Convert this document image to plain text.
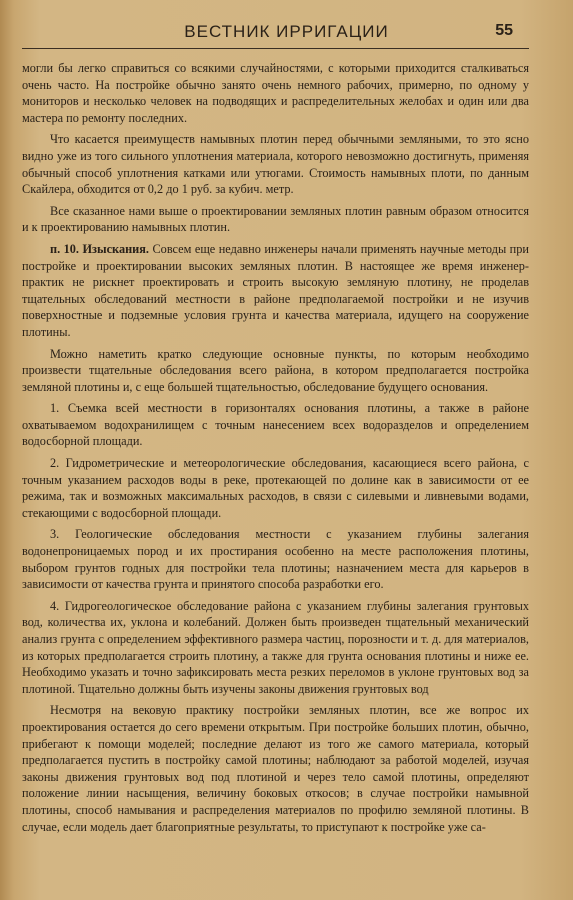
ВЕСТНИК ИРРИГАЦИИ	55

могли бы легко справиться со всякими случайностями, с которыми приходится сталкиваться очень часто. На постройке обычно занято очень немного рабочих, примерно, по одному у мониторов и несколько человек на подводящих и распределительных желобах и один или два мастера по ремонту последних.

Что касается преимуществ намывных плотин перед обычными земляными, то это ясно видно уже из того сильного уплотнения материала, которого невозможно достигнуть, применяя обычный способ уплотнения катками или утюгами. Стоимость намывных плоти, по данным Скайлера, обходится от 0,2 до 1 руб. за кубич. метр.

Все сказанное нами выше о проектировании земляных плотин равным образом относится и к проектированию намывных плотин.

п. 10. Изыскания. Совсем еще недавно инженеры начали применять научные методы при постройке и проектировании высоких земляных плотин. В настоящее же время инженер-практик не рискнет проектировать и строить высокую земляную плотину, не проделав тщательных обследований местности в районе предполагаемой постройки и не изучив поверхностные и подземные условия грунта и качества материала, идущего на сооружение плотины.

Можно наметить кратко следующие основные пункты, по которым необходимо произвести тщательные обследования всего района, в котором предполагается постройка земляной плотины и, с еще большей тщательностью, обследование будущего основания.

1. Съемка всей местности в горизонталях основания плотины, а также в районе охватываемом водохранилищем с точным нанесением всех водоразделов и определением водосборной площади.

2. Гидрометрические и метеорологические обследования, касающиеся всего района, с точным указанием расходов воды в реке, протекающей по долине как в зависимости от ее режима, так и возможных максимальных расходов, в связи с силевыми и ливневыми водами, стекающими с водосборной площади.

3. Геологические обследования местности с указанием глубины залегания водонепроницаемых пород и их простирания особенно на месте расположения плотины, выбором грунтов годных для постройки тела плотины; назначением места для карьеров в зависимости от качества грунта и принятого способа разработки его.

4. Гидрогеологическое обследование района с указанием глубины залегания грунтовых вод, количества их, уклона и колебаний. Должен быть произведен тщательный механический анализ грунта с определением эффективного размера частиц, порозности и т. д. для материалов, из которых предполагается строить плотину, а также для грунта основания плотины и ниже ее. Необходимо указать и точно зафиксировать места резких переломов в уклоне грунтовых вод за плотиной. Тщательно должны быть изучены законы движения грунтовых вод

Несмотря на вековую практику постройки земляных плотин, все же вопрос их проектирования остается до сего времени открытым. При постройке больших плотин, обычно, прибегают к помощи моделей; последние делают из того же самого материала, который предполагается пустить в постройку самой плотины; наблюдают за работой моделей, изучая законы движения грунтовых вод под плотиной и через тело самой плотины, определяют положение линии насыщения, величину боковых откосов; в случае постройки намывной плотины, способ намывания и распределения материалов по профилю земляной плотины. В случае, если модель дает благоприятные результаты, то приступают к постройке уже са-
